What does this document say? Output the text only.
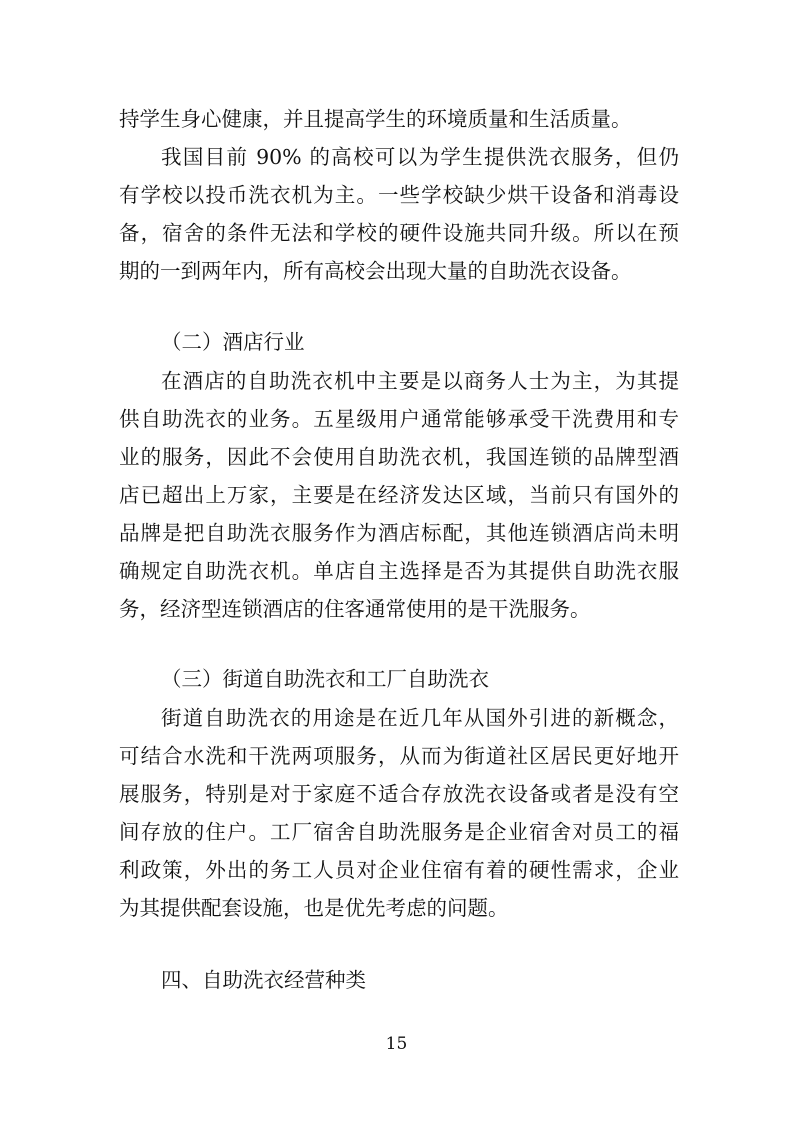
持学生身心健康，并且提高学生的环境质量和生活质量。
我国目前 90% 的高校可以为学生提供洗衣服务，但仍
有学校以投币洗衣机为主。一些学校缺少烘干设备和消毒设
备，宿舍的条件无法和学校的硬件设施共同升级。所以在预
期的一到两年内，所有高校会出现大量的自助洗衣设备。
（二）酒店行业
在酒店的自助洗衣机中主要是以商务人士为主，为其提
供自助洗衣的业务。五星级用户通常能够承受干洗费用和专
业的服务，因此不会使用自助洗衣机，我国连锁的品牌型酒
店已超出上万家，主要是在经济发达区域，当前只有国外的
品牌是把自助洗衣服务作为酒店标配，其他连锁酒店尚未明
确规定自助洗衣机。单店自主选择是否为其提供自助洗衣服
务，经济型连锁酒店的住客通常使用的是干洗服务。
（三）街道自助洗衣和工厂自助洗衣
街道自助洗衣的用途是在近几年从国外引进的新概念，
可结合水洗和干洗两项服务，从而为街道社区居民更好地开
展服务，特别是对于家庭不适合存放洗衣设备或者是没有空
间存放的住户。工厂宿舍自助洗服务是企业宿舍对员工的福
利政策，外出的务工人员对企业住宿有着的硬性需求，企业
为其提供配套设施，也是优先考虑的问题。
四、自助洗衣经营种类
15
